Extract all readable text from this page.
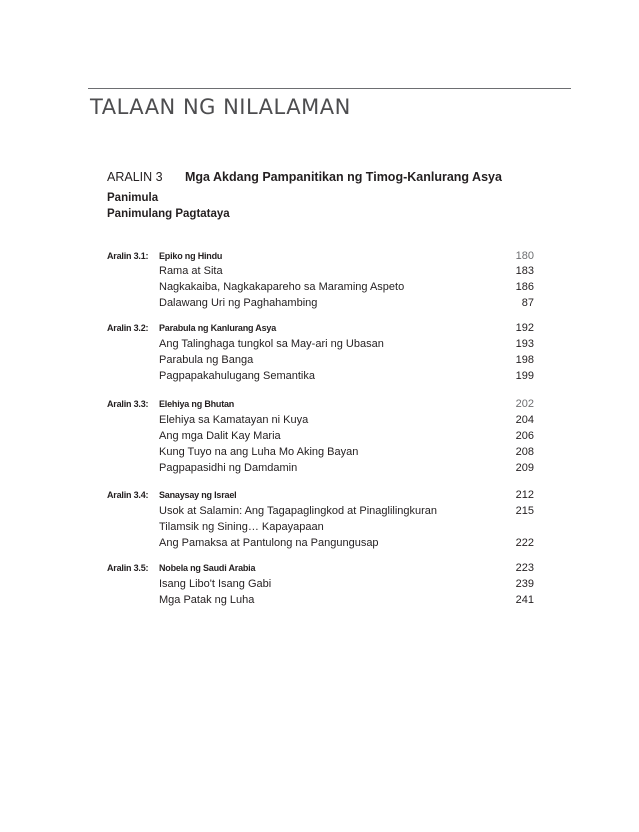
TALAAN NG NILALAMAN
ARALIN 3 Mga Akdang Pampanitikan ng Timog-Kanlurang Asya
Panimula
Panimulang Pagtataya
Aralin 3.1: Epiko ng Hindu	180
Rama at Sita	183
Nagkakaiba, Nagkakapareho sa Maraming Aspeto	186
Dalawang Uri ng Paghahambing	87
Aralin 3.2: Parabula ng Kanlurang Asya	192
Ang Talinghaga tungkol sa May-ari ng Ubasan	193
Parabula ng Banga	198
Pagpapakahulugang Semantika	199
Aralin 3.3: Elehiya ng Bhutan	202
Elehiya sa Kamatayan ni Kuya	204
Ang mga Dalit Kay Maria	206
Kung Tuyo na ang Luha Mo Aking Bayan	208
Pagpapasidhi ng Damdamin	209
Aralin 3.4: Sanaysay ng Israel	212
Usok at Salamin: Ang Tagapaglingkod at Pinaglilingkuran	215
Tilamsik ng Sining… Kapayapaan
Ang Pamaksa at Pantulong na Pangungusap	222
Aralin 3.5: Nobela ng Saudi Arabia	223
Isang Libo't Isang Gabi	239
Mga Patak ng Luha	241
